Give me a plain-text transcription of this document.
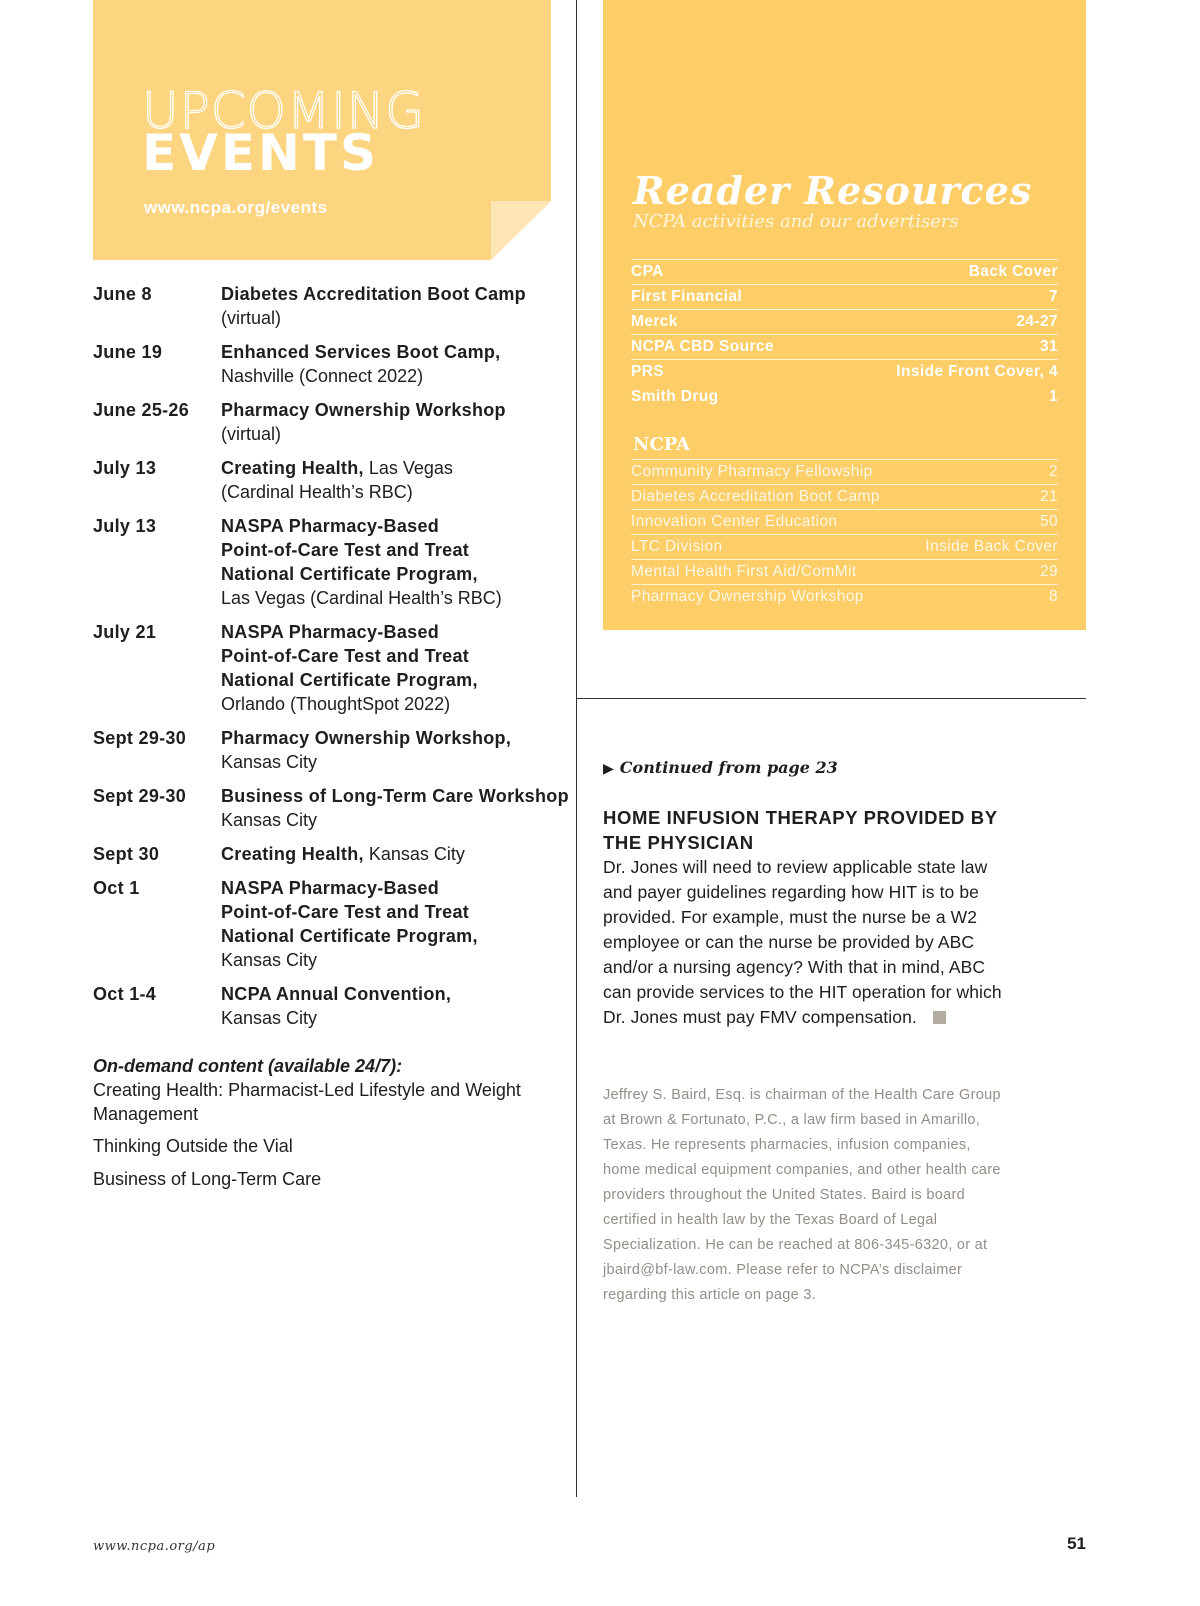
UPCOMING
EVENTS
www.ncpa.org/events
June 8	Diabetes Accreditation Boot Camp
(virtual)
June 19	Enhanced Services Boot Camp,
Nashville (Connect 2022)
June 25-26 Pharmacy Ownership Workshop
(virtual)
July 13	Creating Health, Las Vegas
(Cardinal Health’s RBC)
July 13	NASPA Pharmacy-Based
Point-of-Care Test and Treat
National Certificate Program,
Las Vegas (Cardinal Health’s RBC)
July 21	NASPA Pharmacy-Based
Point-of-Care Test and Treat
National Certificate Program,
Orlando (ThoughtSpot 2022)
Sept 29-30 Pharmacy Ownership Workshop,
Kansas City
Sept 29-30 Business of Long-Term Care Workshop
Kansas City
Sept 30	Creating Health, Kansas City
Oct 1	NASPA Pharmacy-Based
Point-of-Care Test and Treat
National Certificate Program,
Kansas City
Oct 1-4	NCPA Annual Convention,
Kansas City
On-demand content (available 24/7):
Creating Health: Pharmacist-Led Lifestyle and Weight Management
Thinking Outside the Vial
Business of Long-Term Care
Reader Resources
NCPA activities and our advertisers
CPA	Back Cover
First Financial	7
Merck	24-27
NCPA CBD Source	31
PRS	Inside Front Cover, 4
Smith Drug	1
NCPA
Community Pharmacy Fellowship	2
Diabetes Accreditation Boot Camp	21
Innovation Center Education	50
LTC Division	Inside Back Cover
Mental Health First Aid/ComMit	29
Pharmacy Ownership Workshop	8
▶ Continued from page 23
HOME INFUSION THERAPY PROVIDED BY THE PHYSICIAN
Dr. Jones will need to review applicable state law and payer guidelines regarding how HIT is to be provided. For example, must the nurse be a W2 employee or can the nurse be provided by ABC and/or a nursing agency? With that in mind, ABC can provide services to the HIT operation for which Dr. Jones must pay FMV compensation.
Jeffrey S. Baird, Esq. is chairman of the Health Care Group at Brown & Fortunato, P.C., a law firm based in Amarillo, Texas. He represents pharmacies, infusion companies, home medical equipment companies, and other health care providers throughout the United States. Baird is board certified in health law by the Texas Board of Legal Specialization. He can be reached at 806-345-6320, or at jbaird@bf-law.com. Please refer to NCPA’s disclaimer regarding this article on page 3.
www.ncpa.org/ap	51
